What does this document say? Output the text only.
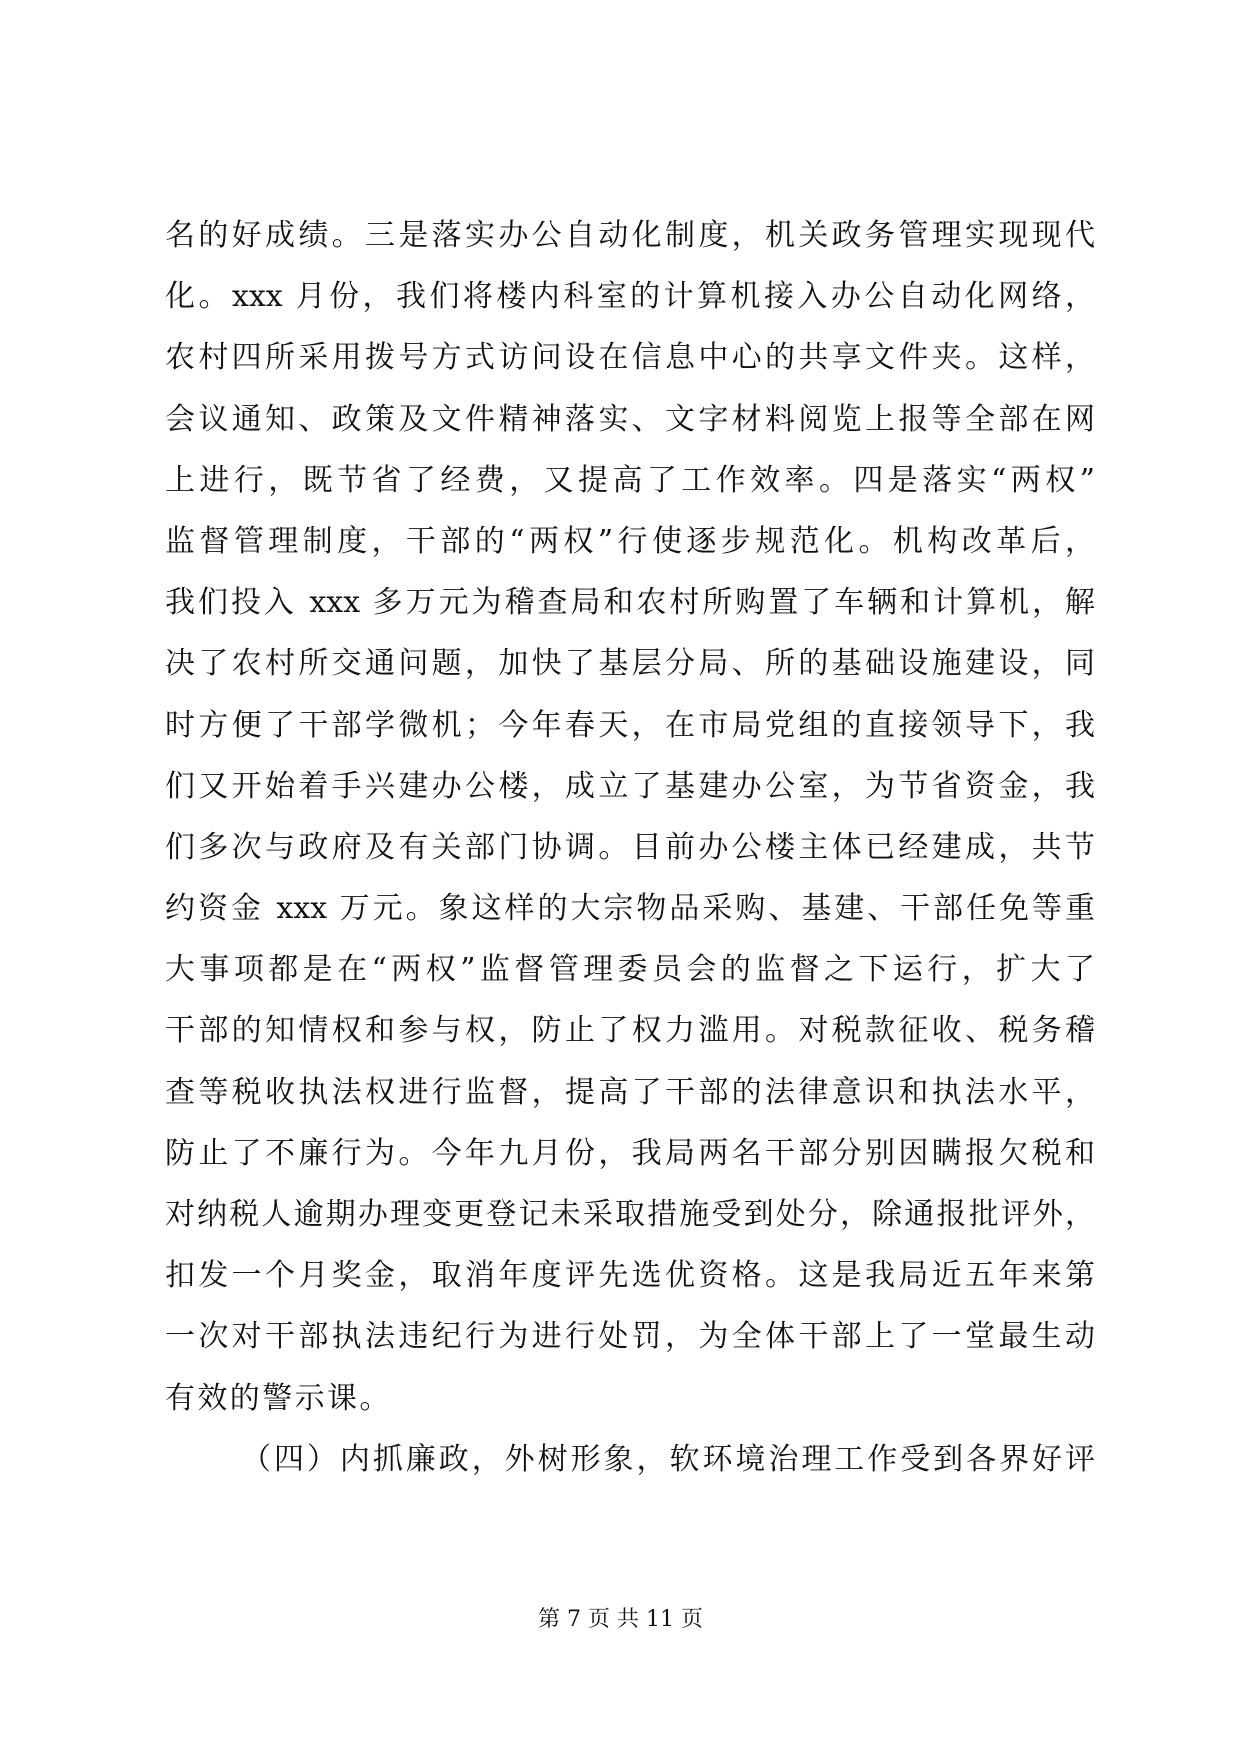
名的好成绩。三是落实办公自动化制度，机关政务管理实现现代
化。xxx 月份，我们将楼内科室的计算机接入办公自动化网络，
农村四所采用拨号方式访问设在信息中心的共享文件夹。这样，
会议通知、政策及文件精神落实、文字材料阅览上报等全部在网
上进行，既节省了经费，又提高了工作效率。四是落实“两权”
监督管理制度，干部的“两权”行使逐步规范化。机构改革后，
我们投入 xxx 多万元为稽查局和农村所购置了车辆和计算机，解
决了农村所交通问题，加快了基层分局、所的基础设施建设，同
时方便了干部学微机；今年春天，在市局党组的直接领导下，我
们又开始着手兴建办公楼，成立了基建办公室，为节省资金，我
们多次与政府及有关部门协调。目前办公楼主体已经建成，共节
约资金 xxx 万元。象这样的大宗物品采购、基建、干部任免等重
大事项都是在“两权”监督管理委员会的监督之下运行，扩大了
干部的知情权和参与权，防止了权力滥用。对税款征收、税务稽
查等税收执法权进行监督，提高了干部的法律意识和执法水平，
防止了不廉行为。今年九月份，我局两名干部分别因瞒报欠税和
对纳税人逾期办理变更登记未采取措施受到处分，除通报批评外，
扣发一个月奖金，取消年度评先选优资格。这是我局近五年来第
一次对干部执法违纪行为进行处罚，为全体干部上了一堂最生动
有效的警示课。
（四）内抓廉政，外树形象，软环境治理工作受到各界好评
第 7 页 共 11 页
